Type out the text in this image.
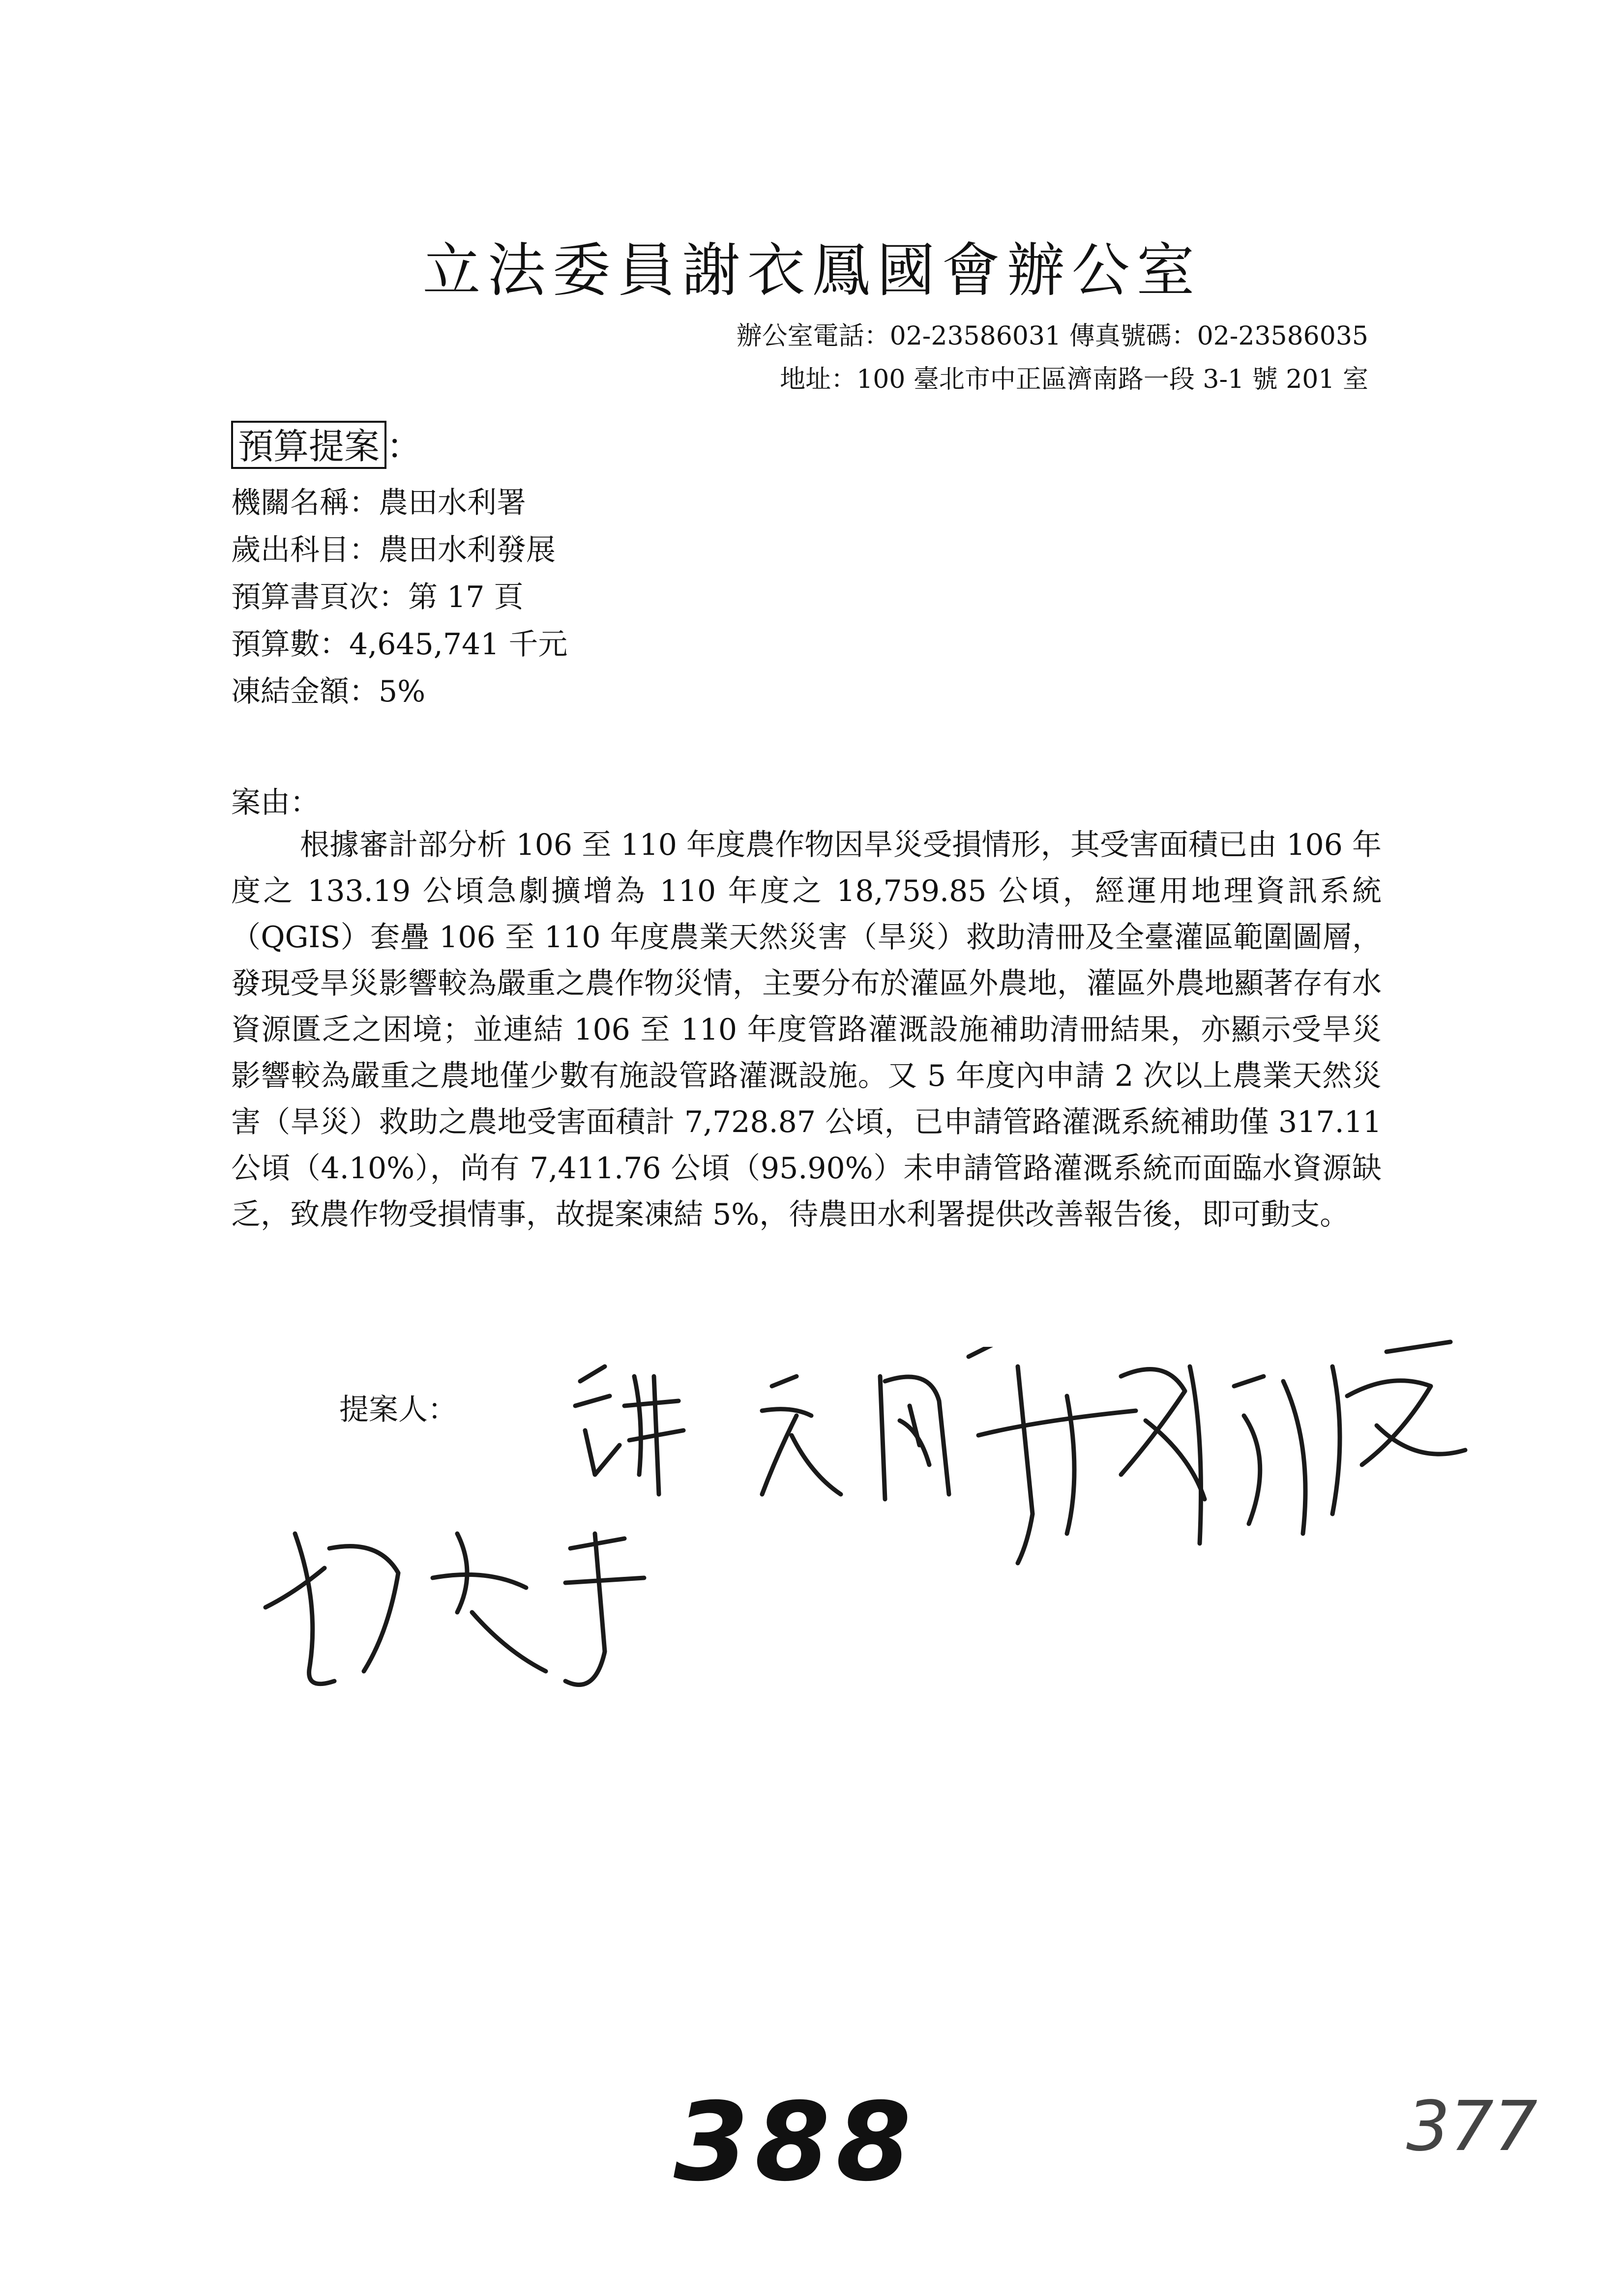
立法委員謝衣鳳國會辦公室
辦公室電話：02-23586031 傳真號碼：02-23586035
地址：100 臺北市中正區濟南路一段 3-1 號 201 室
預算提案 ：
機關名稱：農田水利署
歲出科目：農田水利發展
預算書頁次：第 17 頁
預算數：4,645,741 千元
凍結金額：5%
案由：
根據審計部分析 106 至 110 年度農作物因旱災受損情形，其受害面積已由 106 年度之 133.19 公頃急劇擴增為 110 年度之 18,759.85 公頃，經運用地理資訊系統（QGIS）套疊 106 至 110 年度農業天然災害（旱災）救助清冊及全臺灌區範圍圖層，發現受旱災影響較為嚴重之農作物災情，主要分布於灌區外農地，灌區外農地顯著存有水資源匱乏之困境；並連結 106 至 110 年度管路灌溉設施補助清冊結果，亦顯示受旱災影響較為嚴重之農地僅少數有施設管路灌溉設施。又 5 年度內申請 2 次以上農業天然災害（旱災）救助之農地受害面積計 7,728.87 公頃，已申請管路灌溉系統補助僅 317.11 公頃（4.10%），尚有 7,411.76 公頃（95.90%）未申請管路灌溉系統而面臨水資源缺乏，致農作物受損情事，故提案凍結 5%，待農田水利署提供改善報告後，即可動支。
提案人：
388	377
